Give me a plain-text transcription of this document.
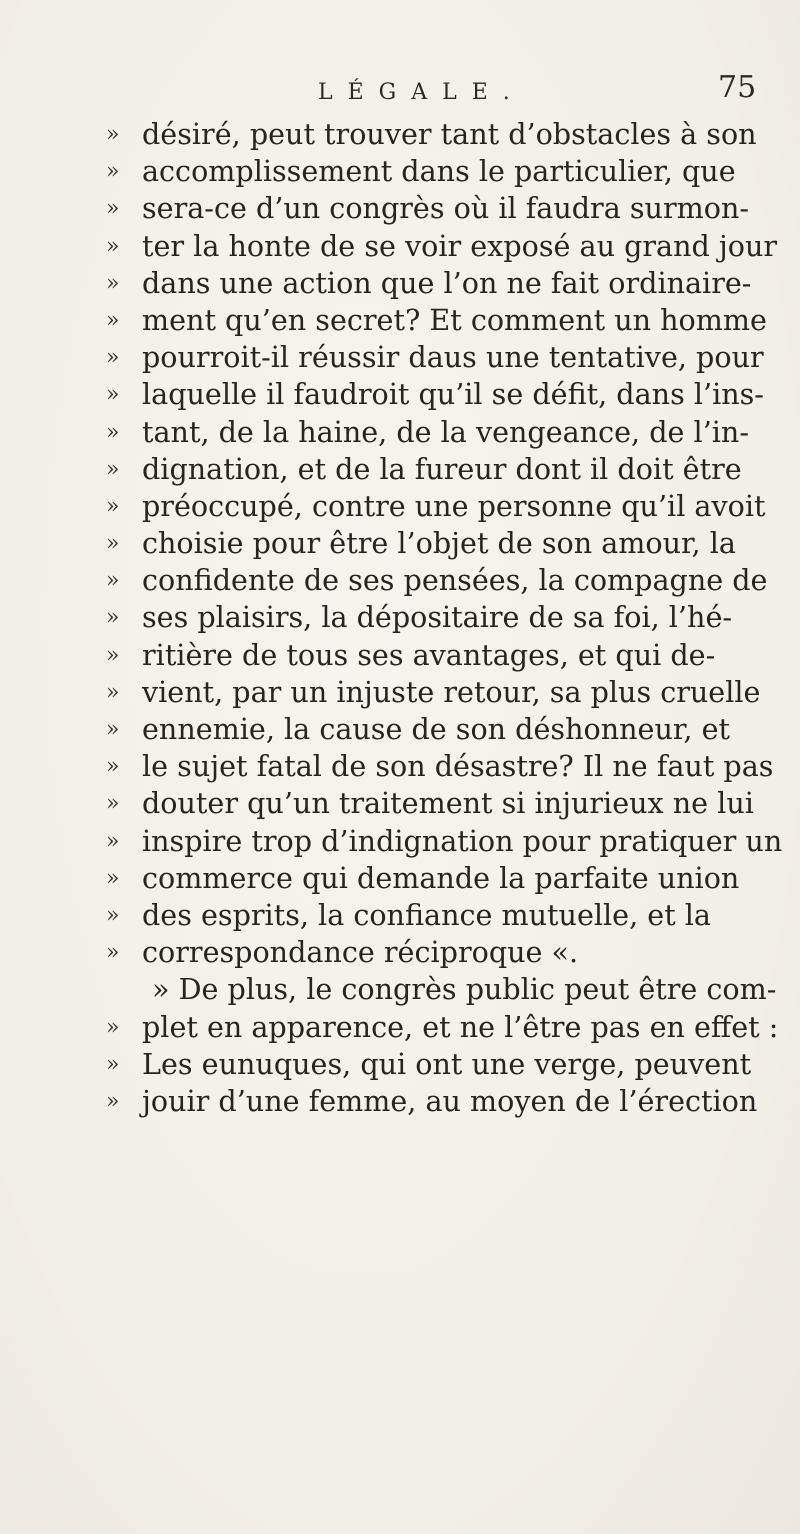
LÉGALE.	75
» désiré, peut trouver tant d’obstacles à son
» accomplissement dans le particulier, que
» sera-ce d’un congrès où il faudra surmon-
» ter la honte de se voir exposé au grand jour
» dans une action que l’on ne fait ordinaire-
» ment qu’en secret? Et comment un homme
» pourroit-il réussir daus une tentative, pour
» laquelle il faudroit qu’il se défit, dans l’ins-
» tant, de la haine, de la vengeance, de l’in-
» dignation, et de la fureur dont il doit être
» préoccupé, contre une personne qu’il avoit
» choisie pour être l’objet de son amour, la
» confidente de ses pensées, la compagne de
» ses plaisirs, la dépositaire de sa foi, l’hé-
» ritière de tous ses avantages, et qui de-
» vient, par un injuste retour, sa plus cruelle
» ennemie, la cause de son déshonneur, et
» le sujet fatal de son désastre? Il ne faut pas
» douter qu’un traitement si injurieux ne lui
» inspire trop d’indignation pour pratiquer un
» commerce qui demande la parfaite union
» des esprits, la confiance mutuelle, et la
» correspondance réciproque «.
» De plus, le congrès public peut être com-
» plet en apparence, et ne l’être pas en effet :
» Les eunuques, qui ont une verge, peuvent
» jouir d’une femme, au moyen de l’érection
